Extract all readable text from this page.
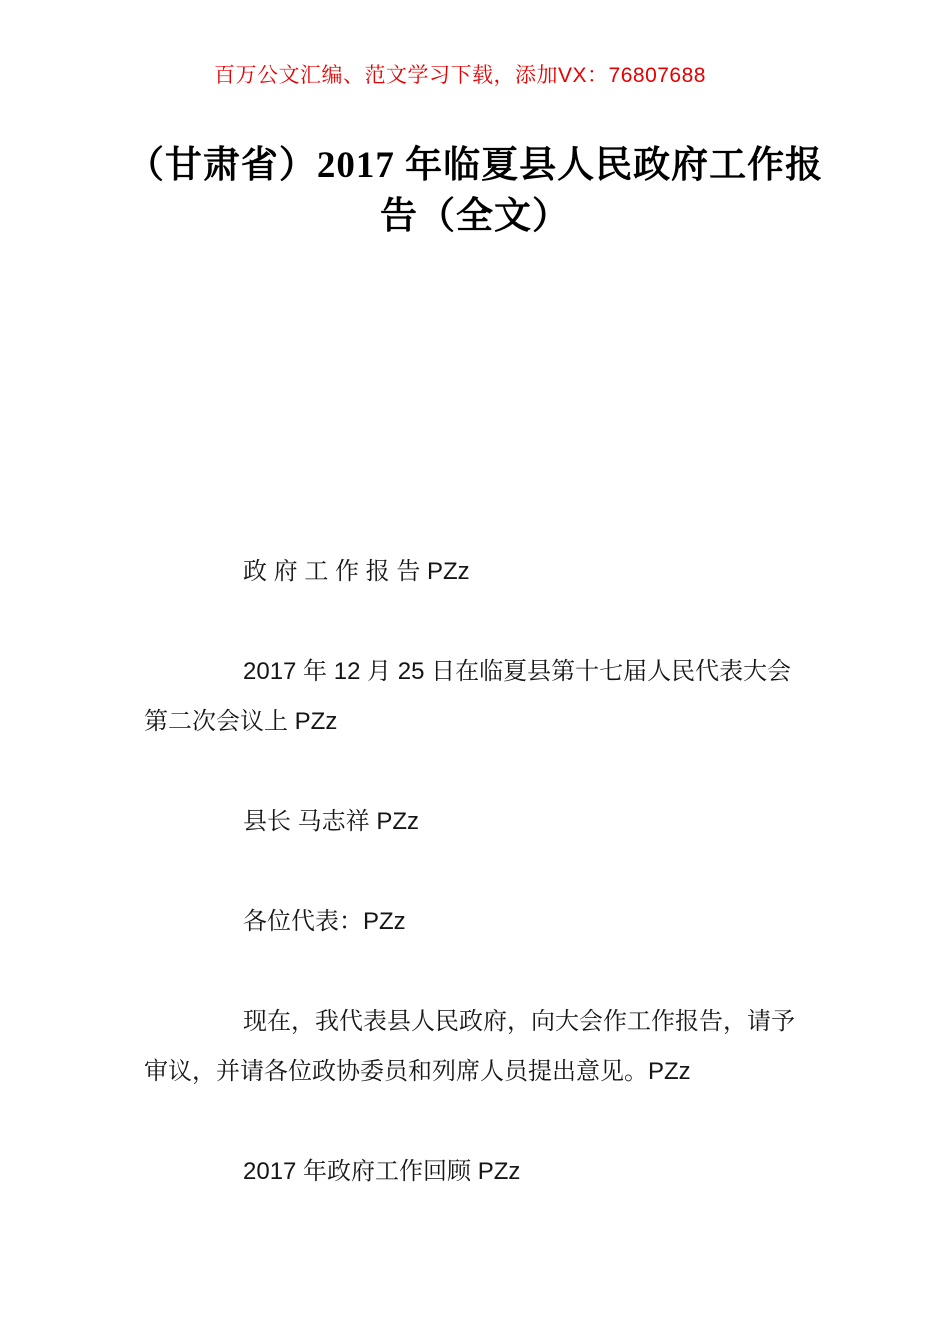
百万公文汇编、范文学习下载，添加VX：76807688
（甘肃省）2017 年临夏县人民政府工作报
告（全文）

政 府 工 作 报 告 PZz

2017 年 12 月 25 日在临夏县第十七届人民代表大会第二次会议上 PZz

县长 马志祥 PZz

各位代表：PZz

现在，我代表县人民政府，向大会作工作报告，请予审议，并请各位政协委员和列席人员提出意见。PZz

2017 年政府工作回顾 PZz
